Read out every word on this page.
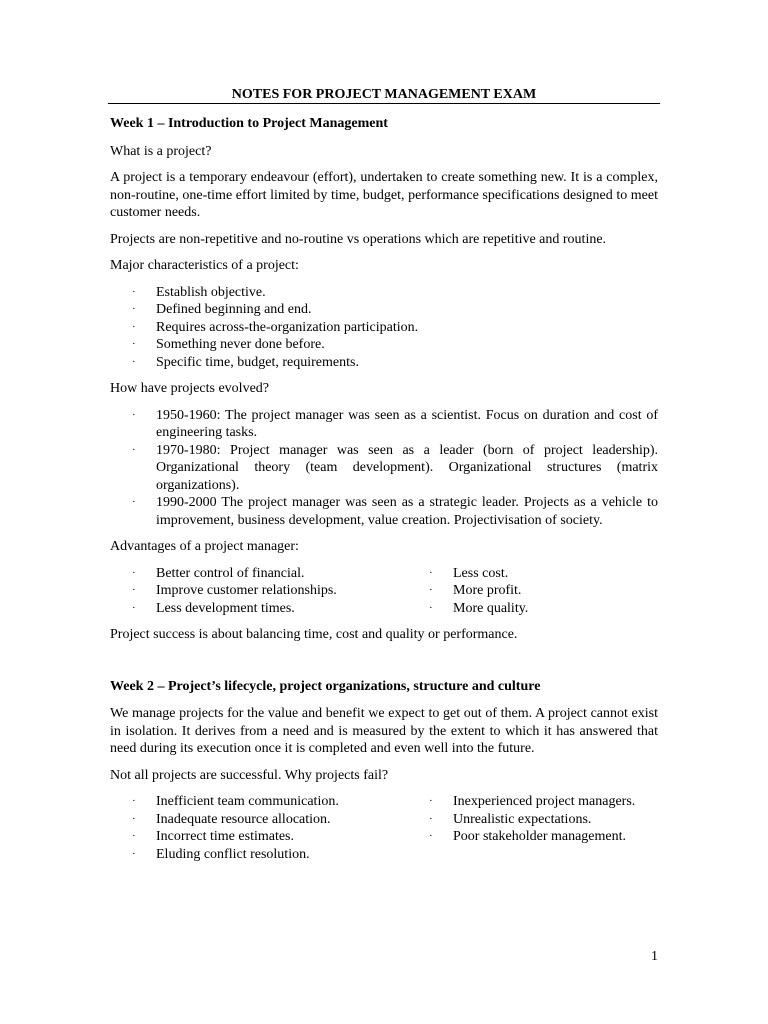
NOTES FOR PROJECT MANAGEMENT EXAM
Week 1 – Introduction to Project Management

What is a project?

A project is a temporary endeavour (effort), undertaken to create something new. It is a complex, non-routine, one-time effort limited by time, budget, performance specifications designed to meet customer needs.

Projects are non-repetitive and no-routine vs operations which are repetitive and routine.

Major characteristics of a project:

· Establish objective.
· Defined beginning and end.
· Requires across-the-organization participation.
· Something never done before.
· Specific time, budget, requirements.

How have projects evolved?

· 1950-1960: The project manager was seen as a scientist. Focus on duration and cost of engineering tasks.
· 1970-1980: Project manager was seen as a leader (born of project leadership). Organizational theory (team development). Organizational structures (matrix organizations).
· 1990-2000 The project manager was seen as a strategic leader. Projects as a vehicle to improvement, business development, value creation. Projectivisation of society.

Advantages of a project manager:

· Better control of financial.
· Improve customer relationships.
· Less development times.
· Less cost.
· More profit.
· More quality.

Project success is about balancing time, cost and quality or performance.

Week 2 – Project’s lifecycle, project organizations, structure and culture

We manage projects for the value and benefit we expect to get out of them. A project cannot exist in isolation. It derives from a need and is measured by the extent to which it has answered that need during its execution once it is completed and even well into the future.

Not all projects are successful. Why projects fail?

· Inefficient team communication.
· Inadequate resource allocation.
· Incorrect time estimates.
· Eluding conflict resolution.
· Inexperienced project managers.
· Unrealistic expectations.
· Poor stakeholder management.
1
